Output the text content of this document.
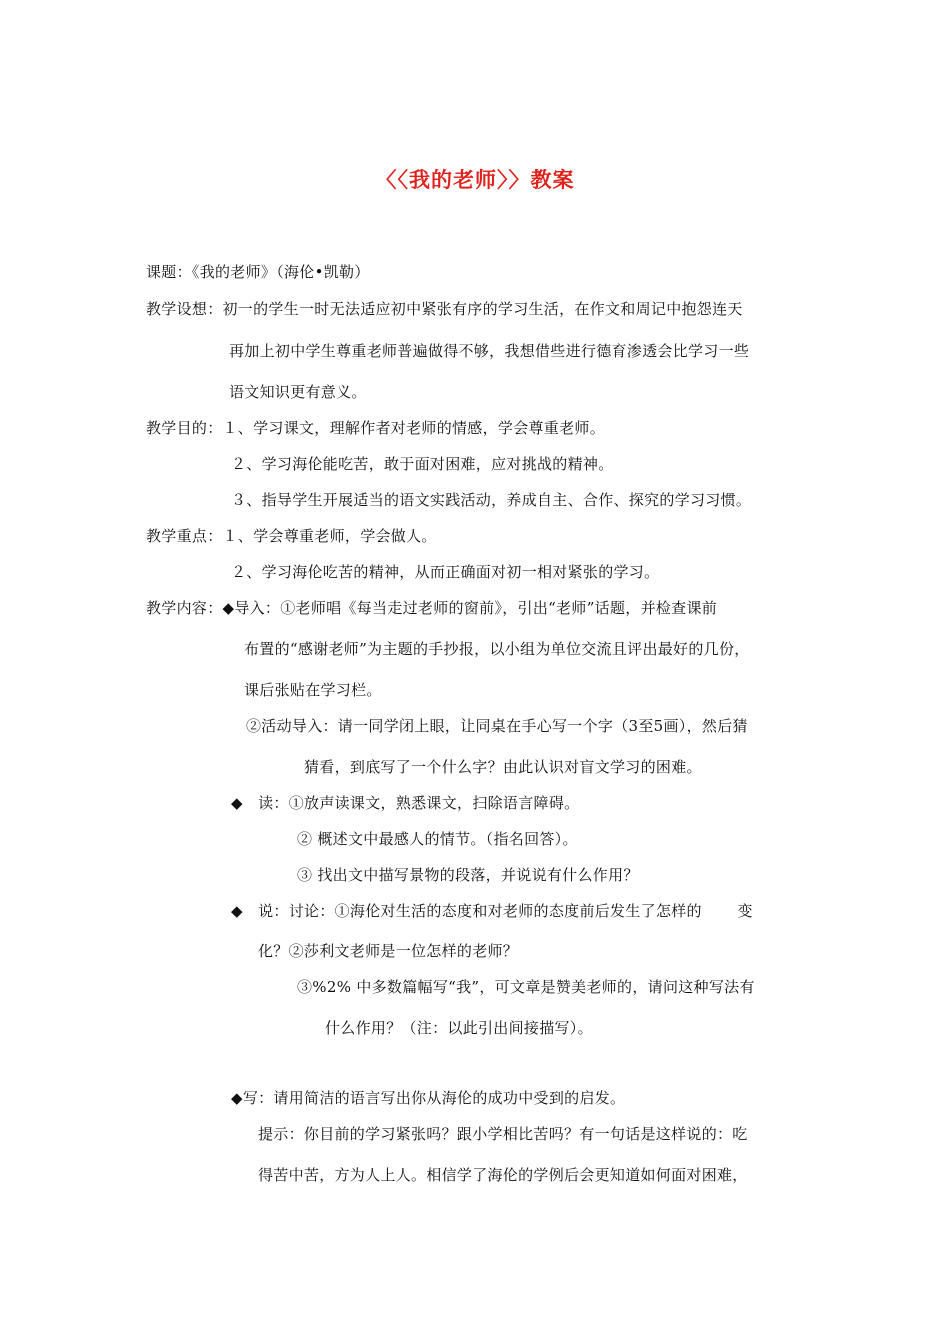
〈〈我的老师〉〉教案
课题：《我的老师》（海伦•凯勒）
教学设想：初一的学生一时无法适应初中紧张有序的学习生活，在作文和周记中抱怨连天
再加上初中学生尊重老师普遍做得不够，我想借些进行德育渗透会比学习一些
语文知识更有意义。
教学目的：１、学习课文，理解作者对老师的情感，学会尊重老师。
２、学习海伦能吃苦，敢于面对困难，应对挑战的精神。
３、指导学生开展适当的语文实践活动，养成自主、合作、探究的学习习惯。
教学重点：１、学会尊重老师，学会做人。
２、学习海伦吃苦的精神，从而正确面对初一相对紧张的学习。
教学内容：◆导入：①老师唱《每当走过老师的窗前》，引出“老师”话题，并检查课前
布置的“感谢老师”为主题的手抄报，以小组为单位交流且评出最好的几份，
课后张贴在学习栏。
②活动导入：请一同学闭上眼，让同桌在手心写一个字（3至5画），然后猜
猜看，到底写了一个什么字？由此认识对盲文学习的困难。
◆　读：①放声读课文，熟悉课文，扫除语言障碍。
② 概述文中最感人的情节。（指名回答）。
③ 找出文中描写景物的段落，并说说有什么作用？
◆　说：讨论：①海伦对生活的态度和对老师的态度前后发生了怎样的　　 变
化？②莎利文老师是一位怎样的老师？
③%2% 中多数篇幅写“我”，可文章是赞美老师的，请问这种写法有
什么作用？（注：以此引出间接描写）。
◆写：请用简洁的语言写出你从海伦的成功中受到的启发。
提示：你目前的学习紧张吗？跟小学相比苦吗？有一句话是这样说的：吃
得苦中苦，方为人上人。相信学了海伦的学例后会更知道如何面对困难，
